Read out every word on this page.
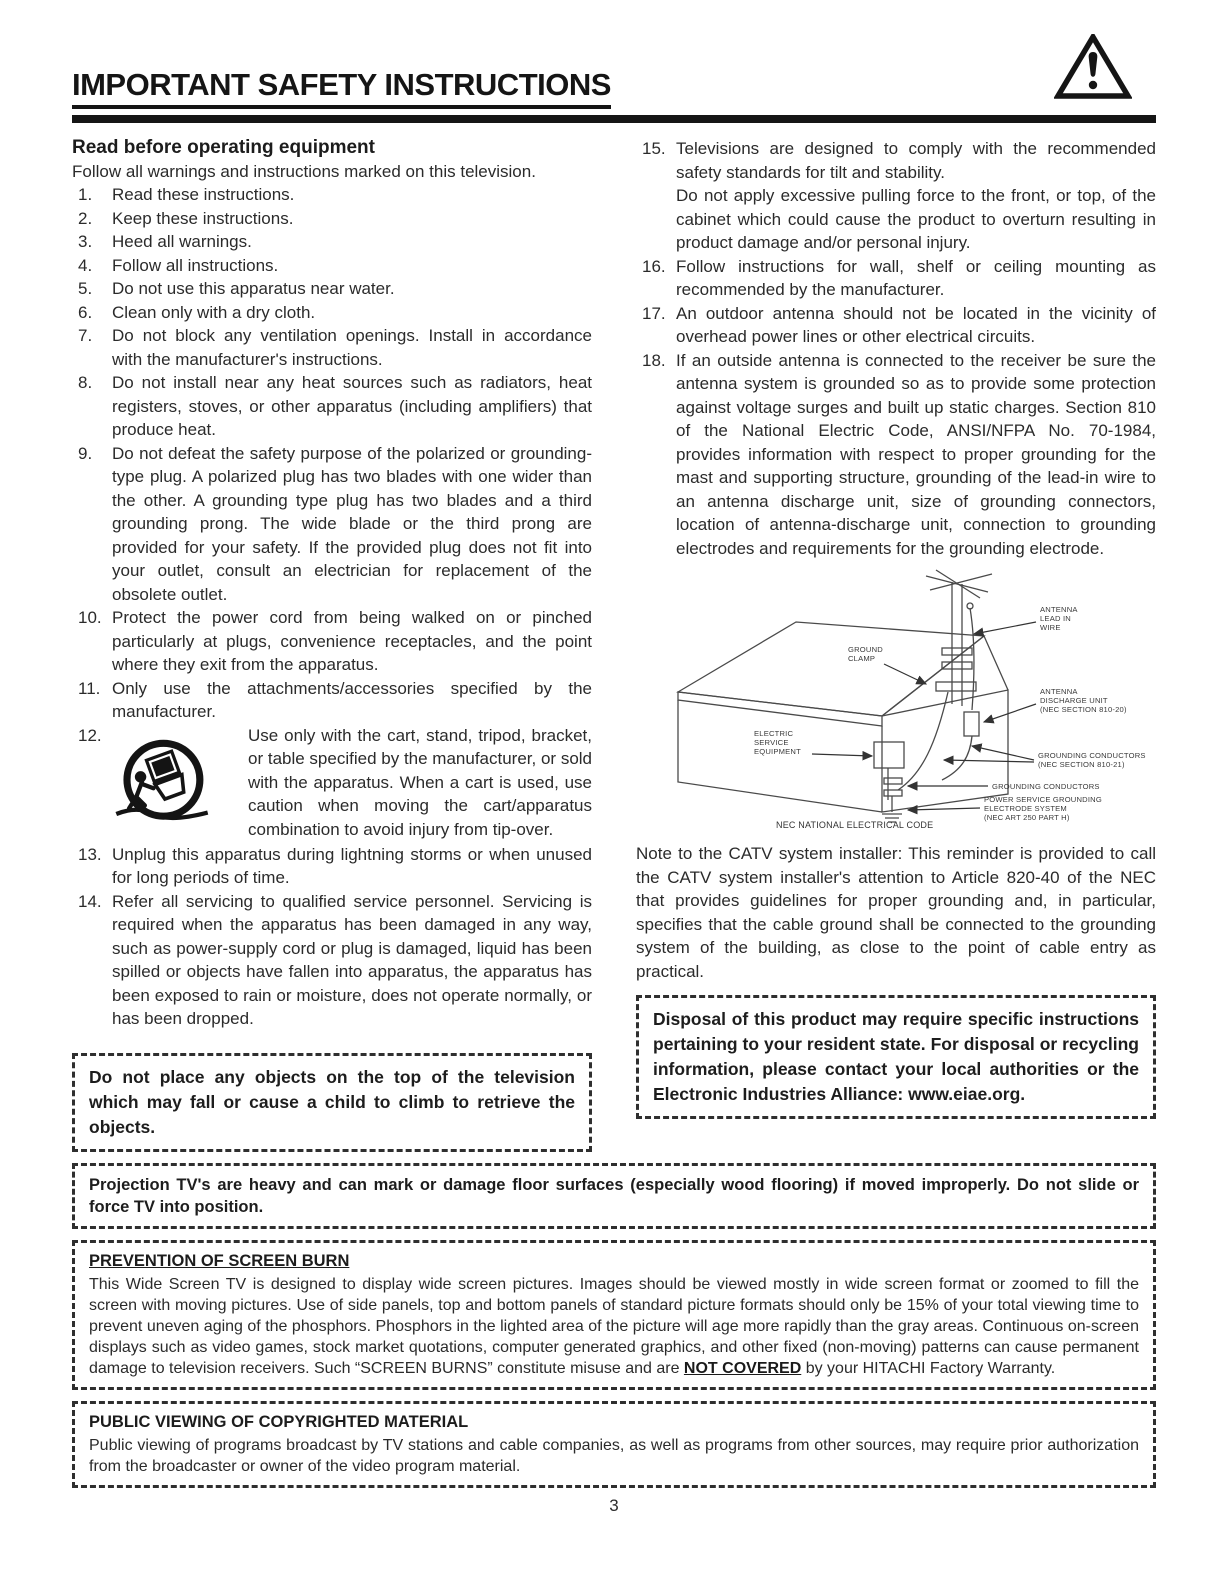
IMPORTANT SAFETY INSTRUCTIONS
Read before operating equipment

Follow all warnings and instructions marked on this television.

1.	Read these instructions.
2.	Keep these instructions.
3.	Heed all warnings.
4.	Follow all instructions.
5.	Do not use this apparatus near water.
6.	Clean only with a dry cloth.
7.	Do not block any ventilation openings. Install in accordance with the manufacturer's instructions.
8.	Do not install near any heat sources such as radiators, heat registers, stoves, or other apparatus (including amplifiers) that produce heat.
9.	Do not defeat the safety purpose of the polarized or grounding-type plug. A polarized plug has two blades with one wider than the other. A grounding type plug has two blades and a third grounding prong. The wide blade or the third prong are provided for your safety. If the provided plug does not fit into your outlet, consult an electrician for replacement of the obsolete outlet.
10. Protect the power cord from being walked on or pinched particularly at plugs, convenience receptacles, and the point where they exit from the apparatus.
11. Only use the attachments/accessories specified by the manufacturer.
12.	Use only with the cart, stand, tripod, bracket, or table specified by the manufacturer, or sold with the apparatus. When a cart is used, use caution when moving the cart/apparatus combination to avoid injury from tip-over.
13. Unplug this apparatus during lightning storms or when unused for long periods of time.
14. Refer all servicing to qualified service personnel. Servicing is required when the apparatus has been damaged in any way, such as power-supply cord or plug is damaged, liquid has been spilled or objects have fallen into apparatus, the apparatus has been exposed to rain or moisture, does not operate normally, or has been dropped.
Do not place any objects on the top of the television which may fall or cause a child to climb to retrieve the objects.
15. Televisions are designed to comply with the recommended safety standards for tilt and stability.

Do not apply excessive pulling force to the front, or top, of the cabinet which could cause the product to overturn resulting in product damage and/or personal injury.

16. Follow instructions for wall, shelf or ceiling mounting as recommended by the manufacturer.
17. An outdoor antenna should not be located in the vicinity of overhead power lines or other electrical circuits.
18. If an outside antenna is connected to the receiver be sure the antenna system is grounded so as to provide some protection against voltage surges and built up static charges. Section 810 of the National Electric Code, ANSI/NFPA No. 70-1984, provides information with respect to proper grounding for the mast and supporting structure, grounding of the lead-in wire to an antenna discharge unit, size of grounding connectors, location of antenna-discharge unit, connection to grounding electrodes and requirements for the grounding electrode.
GROUND
CLAMP
ANTENNA
LEAD IN
WIRE
ANTENNA
DISCHARGE UNIT
(NEC SECTION 810-20)
ELECTRIC
SERVICE
EQUIPMENT	GROUNDING CONDUCTORS
(NEC SECTION 810-21)
GROUNDING CONDUCTORS
POWER SERVICE GROUNDING
ELECTRODE SYSTEM
(NEC ART 250 PART H)
NEC NATIONAL ELECTRICAL CODE

Note to the CATV system installer: This reminder is provided to call the CATV system installer's attention to Article 820-40 of the NEC that provides guidelines for proper grounding and, in particular, specifies that the cable ground shall be connected to the grounding system of the building, as close to the point of cable entry as practical.

Disposal of this product may require specific instructions pertaining to your resident state. For disposal or recycling information, please contact your local authorities or the Electronic Industries Alliance: www.eiae.org.
Projection TV's are heavy and can mark or damage floor surfaces (especially wood flooring) if moved improperly. Do not slide or force TV into position.
PREVENTION OF SCREEN BURN

This Wide Screen TV is designed to display wide screen pictures. Images should be viewed mostly in wide screen format or zoomed to fill the screen with moving pictures. Use of side panels, top and bottom panels of standard picture formats should only be 15% of your total viewing time to prevent uneven aging of the phosphors. Phosphors in the lighted area of the picture will age more rapidly than the gray areas. Continuous on-screen displays such as video games, stock market quotations, computer generated graphics, and other fixed (non-moving) patterns can cause permanent damage to television receivers. Such “SCREEN BURNS” constitute misuse and are NOT COVERED by your HITACHI Factory Warranty.

PUBLIC VIEWING OF COPYRIGHTED MATERIAL

Public viewing of programs broadcast by TV stations and cable companies, as well as programs from other sources, may require prior authorization from the broadcaster or owner of the video program material.

3
